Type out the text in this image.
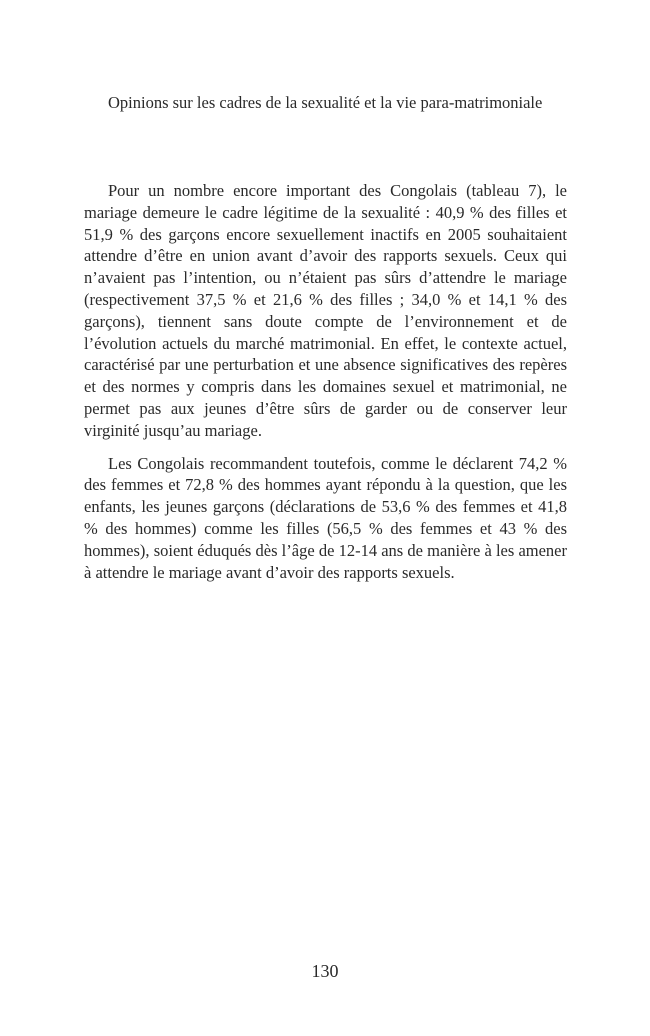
Opinions sur les cadres de la sexualité et la vie para-matrimoniale

Pour un nombre encore important des Congolais (tableau 7), le mariage demeure le cadre légitime de la sexualité : 40,9 % des filles et 51,9 % des garçons encore sexuellement inactifs en 2005 souhaitaient attendre d’être en union avant d’avoir des rapports sexuels. Ceux qui n’avaient pas l’intention, ou n’étaient pas sûrs d’attendre le mariage (respectivement 37,5 % et 21,6 % des filles ; 34,0 % et 14,1 % des garçons), tiennent sans doute compte de l’environnement et de l’évolution actuels du marché matrimonial. En effet, le contexte actuel, caractérisé par une perturbation et une absence significatives des repères et des normes y compris dans les domaines sexuel et matrimonial, ne permet pas aux jeunes d’être sûrs de garder ou de conserver leur virginité jusqu’au mariage.

Les Congolais recommandent toutefois, comme le déclarent 74,2 % des femmes et 72,8 % des hommes ayant répondu à la question, que les enfants, les jeunes garçons (déclarations de 53,6 % des femmes et 41,8 % des hommes) comme les filles (56,5 % des femmes et 43 % des hommes), soient éduqués dès l’âge de 12-14 ans de manière à les amener à attendre le mariage avant d’avoir des rapports sexuels.

130
